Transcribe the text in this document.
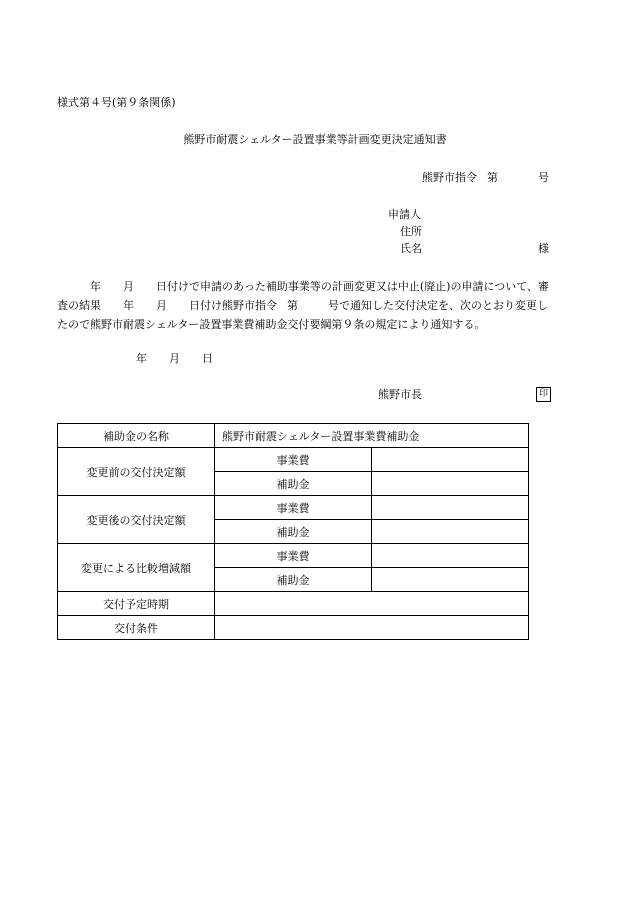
様式第４号(第９条関係)
熊野市耐震シェルター設置事業等計画変更決定通知書
熊野市指令 第	号
申請人
住所
氏名	様
年 月 日付けで申請のあった補助事業等の計画変更又は中止(廃止)の申請について、審
査の結果 年 月 日付け熊野市指令 第	号で通知した交付決定を、次のとおり変更し
たので熊野市耐震シェルター設置事業費補助金交付要綱第９条の規定により通知する。
年 月 日
熊野市長	印
補助金の名称	熊野市耐震シェルター設置事業費補助金	
変更前の交付決定額	事業費	
	補助金	
変更後の交付決定額	事業費	
	補助金	
変更による比較増減額	事業費	
	補助金	
交付予定時期		
交付条件		
